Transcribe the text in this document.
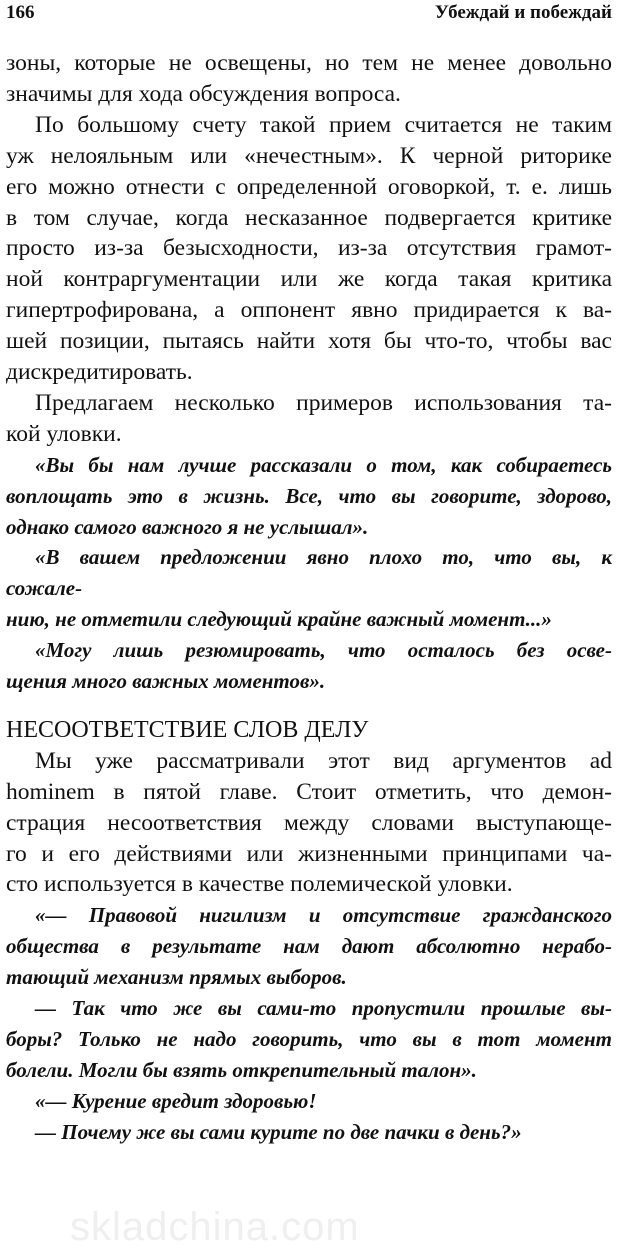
166	Убеждай и побеждай
зоны, которые не освещены, но тем не менее довольно
значимы для хода обсуждения вопроса.
По большому счету такой прием считается не таким
уж нелояльным или «нечестным». К черной риторике
его можно отнести с определенной оговоркой, т. е. лишь
в том случае, когда несказанное подвергается критике
просто из-за безысходности, из-за отсутствия грамот-
ной контраргументации или же когда такая критика
гипертрофирована, а оппонент явно придирается к ва-
шей позиции, пытаясь найти хотя бы что-то, чтобы вас
дискредитировать.
Предлагаем несколько примеров использования та-
кой уловки.
«Вы бы нам лучше рассказали о том, как собираетесь
воплощать это в жизнь. Все, что вы говорите, здорово,
однако самого важного я не услышал».
«В вашем предложении явно плохо то, что вы, к
сожале-
нию, не отметили следующий крайне важный момент...»
«Могу лишь резюмировать, что осталось без осве-
щения много важных моментов».
НЕСООТВЕТСТВИЕ СЛОВ ДЕЛУ
Мы уже рассматривали этот вид аргументов ad
hominem в пятой главе. Стоит отметить, что демон-
страция несоответствия между словами выступающе-
го и его действиями или жизненными принципами ча-
сто используется в качестве полемической уловки.
«— Правовой нигилизм и отсутствие гражданского
общества в результате нам дают абсолютно нерабо-
тающий механизм прямых выборов.
— Так что же вы сами-то пропустили прошлые вы-
боры? Только не надо говорить, что вы в тот момент
болели. Могли бы взять открепительный талон».
«— Курение вредит здоровью!
— Почему же вы сами курите по две пачки в день?»
skladchina.com
